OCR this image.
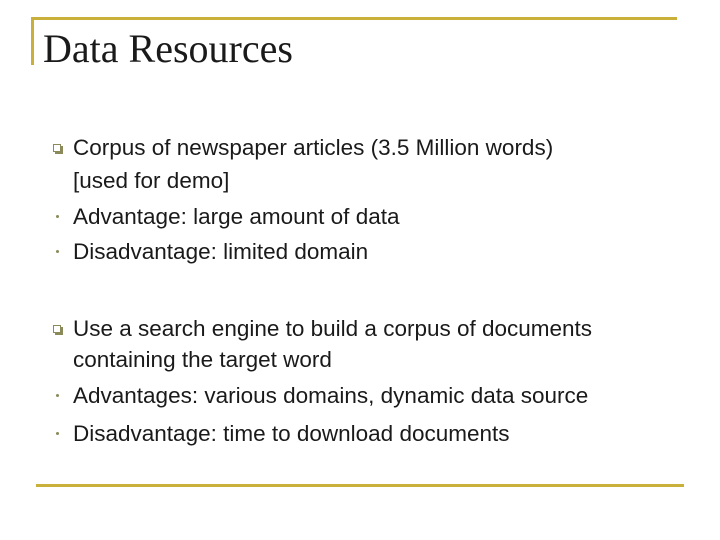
Data Resources
Corpus of newspaper articles (3.5 Million words)
[used for demo]
Advantage: large amount of data
Disadvantage: limited domain
Use a search engine to build a corpus of documents
containing the target word
Advantages: various domains, dynamic data source
Disadvantage: time to download documents
